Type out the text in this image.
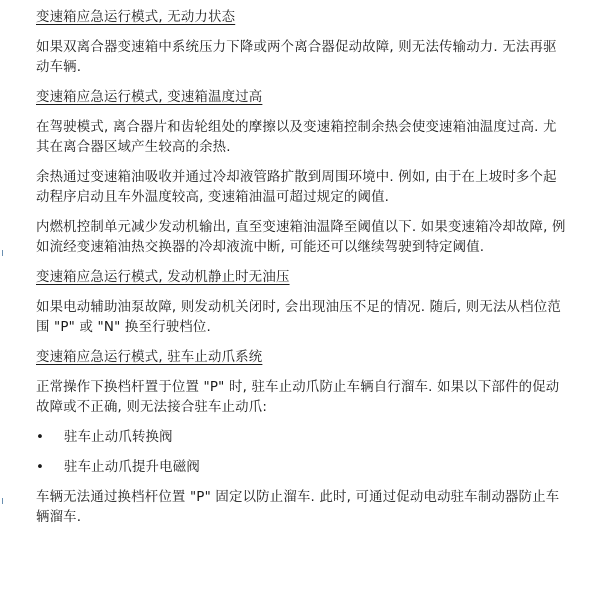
变速箱应急运行模式, 无动力状态

如果双离合器变速箱中系统压力下降或两个离合器促动故障, 则无法传输动力. 无法再驱动车辆.

变速箱应急运行模式, 变速箱温度过高

在驾驶模式, 离合器片和齿轮组处的摩擦以及变速箱控制余热会使变速箱油温度过高. 尤其在离合器区域产生较高的余热.

余热通过变速箱油吸收并通过冷却液管路扩散到周围环境中. 例如, 由于在上坡时多个起动程序启动且车外温度较高, 变速箱油温可超过规定的阈值.

内燃机控制单元减少发动机输出, 直至变速箱油温降至阈值以下. 如果变速箱冷却故障, 例如流经变速箱油热交换器的冷却液流中断, 可能还可以继续驾驶到特定阈值.

变速箱应急运行模式, 发动机静止时无油压

如果电动辅助油泵故障, 则发动机关闭时, 会出现油压不足的情况. 随后, 则无法从档位范围 "P" 或 "N" 换至行驶档位.

变速箱应急运行模式, 驻车止动爪系统

正常操作下换档杆置于位置 "P" 时, 驻车止动爪防止车辆自行溜车. 如果以下部件的促动故障或不正确, 则无法接合驻车止动爪:

• 驻车止动爪转换阀
• 驻车止动爪提升电磁阀

车辆无法通过换档杆位置 "P" 固定以防止溜车. 此时, 可通过促动电动驻车制动器防止车辆溜车.
